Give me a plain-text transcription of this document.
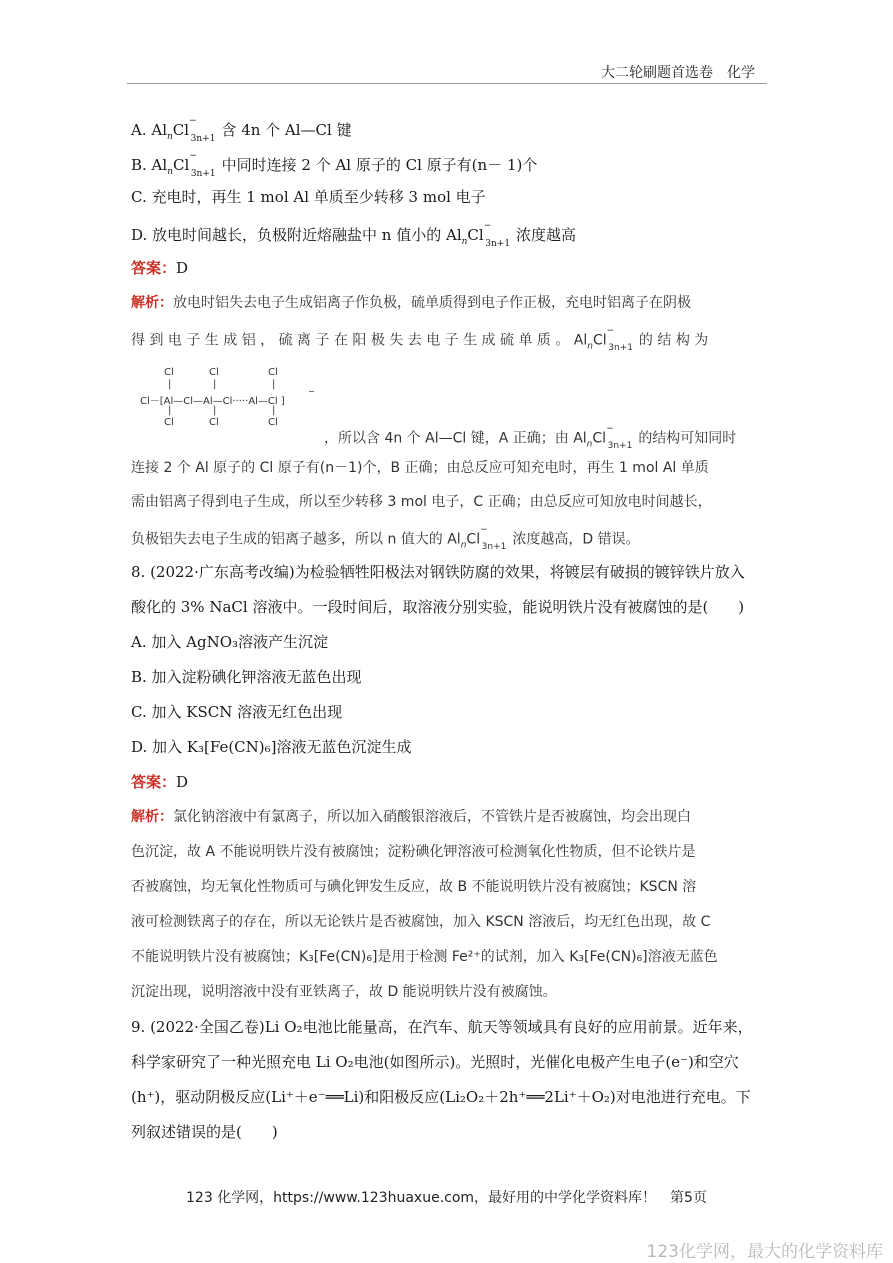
大二轮刷题首选卷　化学
A. $Al_nCl^-_{3n+1}$ 含 4n 个 Al—Cl 键
B. $Al_nCl^-_{3n+1}$ 中同时连接 2 个 Al 原子的 Cl 原子有(n－ 1)个
C. 充电时，再生 1 mol Al 单质至少转移 3 mol 电子
D. 放电时间越长，负极附近熔融盐中 n 值小的 $Al_nCl^-_{3n+1}$ 浓度越高
答案：D
解析：放电时铝失去电子生成铝离子作负极，硫单质得到电子作正极，充电时铝离子在阴极
得 到 电 子 生 成 铝 ， 硫 离 子 在 阳 极 失 去 电 子 生 成 硫 单 质 。 $Al_nCl^-_{3n+1}$ 的 结 构 为
Cl	Cl	Cl
|	|	|
Cl－[Al—Cl—Al—Cl·····Al—Cl ]
−
|	|	|
Cl	Cl	Cl
，所以含 4n 个 Al—Cl 键，A 正确；由 $Al_nCl^-_{3n+1}$ 的结构可知同时
连接 2 个 Al 原子的 Cl 原子有(n－1)个，B 正确；由总反应可知充电时，再生 1 mol Al 单质
需由铝离子得到电子生成，所以至少转移 3 mol 电子，C 正确；由总反应可知放电时间越长，
负极铝失去电子生成的铝离子越多，所以 n 值大的 $Al_nCl^-_{3n+1}$ 浓度越高，D 错误。
8. (2022·广东高考改编)为检验牺牲阳极法对钢铁防腐的效果，将镀层有破损的镀锌铁片放入
酸化的 3% NaCl 溶液中。一段时间后，取溶液分别实验，能说明铁片没有被腐蚀的是(　　)
A. 加入 AgNO₃溶液产生沉淀
B. 加入淀粉碘化钾溶液无蓝色出现
C. 加入 KSCN 溶液无红色出现
D. 加入 K₃[Fe(CN)₆]溶液无蓝色沉淀生成
答案：D
解析：氯化钠溶液中有氯离子，所以加入硝酸银溶液后，不管铁片是否被腐蚀，均会出现白
色沉淀，故 A 不能说明铁片没有被腐蚀；淀粉碘化钾溶液可检测氧化性物质，但不论铁片是
否被腐蚀，均无氧化性物质可与碘化钾发生反应，故 B 不能说明铁片没有被腐蚀；KSCN 溶
液可检测铁离子的存在，所以无论铁片是否被腐蚀，加入 KSCN 溶液后，均无红色出现，故 C
不能说明铁片没有被腐蚀；K₃[Fe(CN)₆]是用于检测 Fe²⁺的试剂，加入 K₃[Fe(CN)₆]溶液无蓝色
沉淀出现，说明溶液中没有亚铁离子，故 D 能说明铁片没有被腐蚀。
9. (2022·全国乙卷)Li O₂电池比能量高，在汽车、航天等领域具有良好的应用前景。近年来，
科学家研究了一种光照充电 Li O₂电池(如图所示)。光照时，光催化电极产生电子(e⁻)和空穴
(h⁺)，驱动阴极反应(Li⁺＋e⁻══Li)和阳极反应(Li₂O₂＋2h⁺══2Li⁺＋O₂)对电池进行充电。下
列叙述错误的是(　　)
123 化学网，https://www.123huaxue.com，最好用的中学化学资料库！　第5页
123化学网，最大的化学资料库
